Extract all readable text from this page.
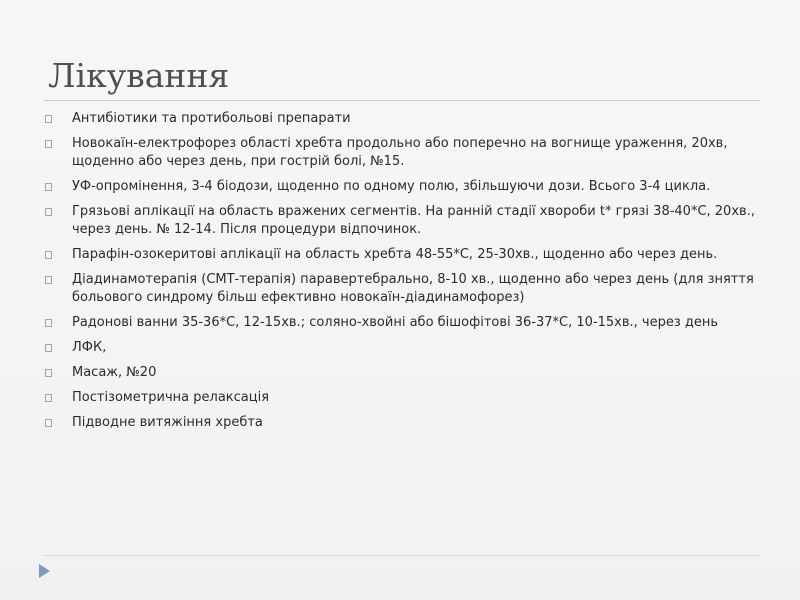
Лікування
Антибіотики та протибольові препарати
Новокаїн-електрофорез області хребта продольно або поперечно на вогнище ураження, 20хв, щоденно або через день, при гострій болі, №15.
УФ-опромінення, 3-4 біодози, щоденно по одному полю, збільшуючи дози. Всього 3-4 цикла.
Грязьові аплікації на область вражених сегментів. На ранній стадії хвороби t* грязі 38-40*С, 20хв., через день. № 12-14. Після процедури відпочинок.
Парафін-озокеритові аплікації на область хребта 48-55*С, 25-30хв., щоденно або через день.
Діадинамотерапія (СМТ-терапія) паравертебрально, 8-10 хв., щоденно або через день (для зняття больового синдрому більш ефективно новокаїн-діадинамофорез)
Радонові ванни 35-36*С, 12-15хв.; соляно-хвойні або бішофітові 36-37*С, 10-15хв., через день
ЛФК,
Масаж, №20
Постізометрична релаксація
Підводне витяжіння хребта
